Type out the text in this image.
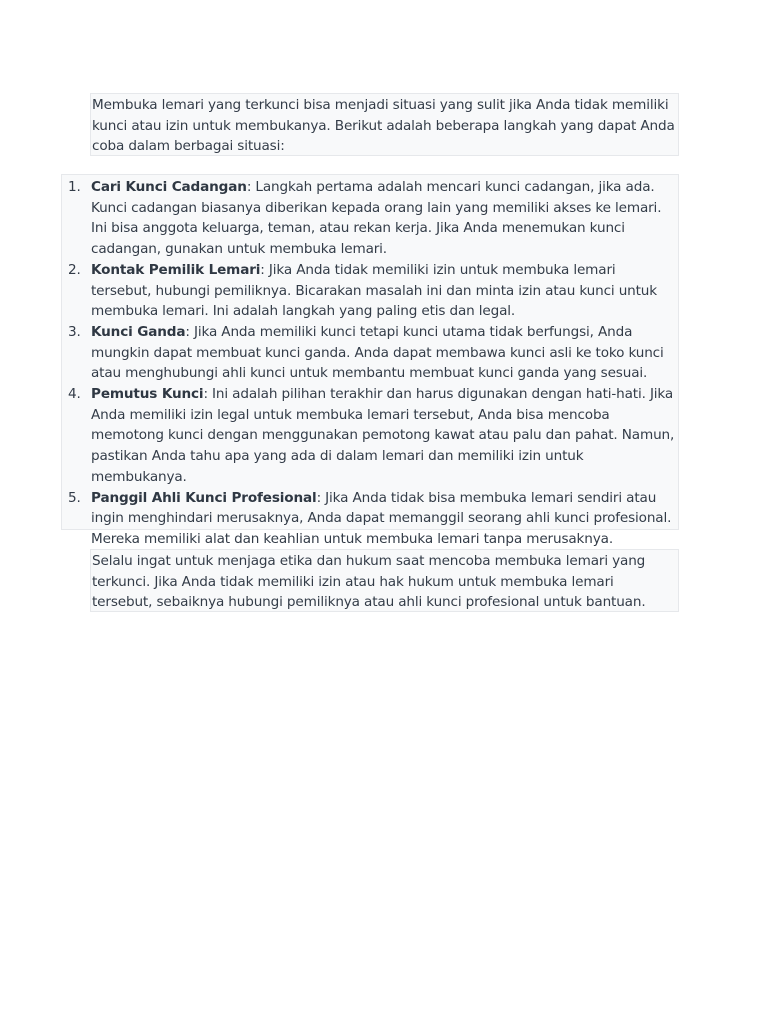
Membuka lemari yang terkunci bisa menjadi situasi yang sulit jika Anda tidak memiliki kunci atau izin untuk membukanya. Berikut adalah beberapa langkah yang dapat Anda coba dalam berbagai situasi:

1. Cari Kunci Cadangan: Langkah pertama adalah mencari kunci cadangan, jika ada. Kunci cadangan biasanya diberikan kepada orang lain yang memiliki akses ke lemari. Ini bisa anggota keluarga, teman, atau rekan kerja. Jika Anda menemukan kunci cadangan, gunakan untuk membuka lemari.
2. Kontak Pemilik Lemari: Jika Anda tidak memiliki izin untuk membuka lemari tersebut, hubungi pemiliknya. Bicarakan masalah ini dan minta izin atau kunci untuk membuka lemari. Ini adalah langkah yang paling etis dan legal.
3. Kunci Ganda: Jika Anda memiliki kunci tetapi kunci utama tidak berfungsi, Anda mungkin dapat membuat kunci ganda. Anda dapat membawa kunci asli ke toko kunci atau menghubungi ahli kunci untuk membantu membuat kunci ganda yang sesuai.
4. Pemutus Kunci: Ini adalah pilihan terakhir dan harus digunakan dengan hati-hati. Jika Anda memiliki izin legal untuk membuka lemari tersebut, Anda bisa mencoba memotong kunci dengan menggunakan pemotong kawat atau palu dan pahat. Namun, pastikan Anda tahu apa yang ada di dalam lemari dan memiliki izin untuk membukanya.
5. Panggil Ahli Kunci Profesional: Jika Anda tidak bisa membuka lemari sendiri atau ingin menghindari merusaknya, Anda dapat memanggil seorang ahli kunci profesional. Mereka memiliki alat dan keahlian untuk membuka lemari tanpa merusaknya.

Selalu ingat untuk menjaga etika dan hukum saat mencoba membuka lemari yang terkunci. Jika Anda tidak memiliki izin atau hak hukum untuk membuka lemari tersebut, sebaiknya hubungi pemiliknya atau ahli kunci profesional untuk bantuan.
